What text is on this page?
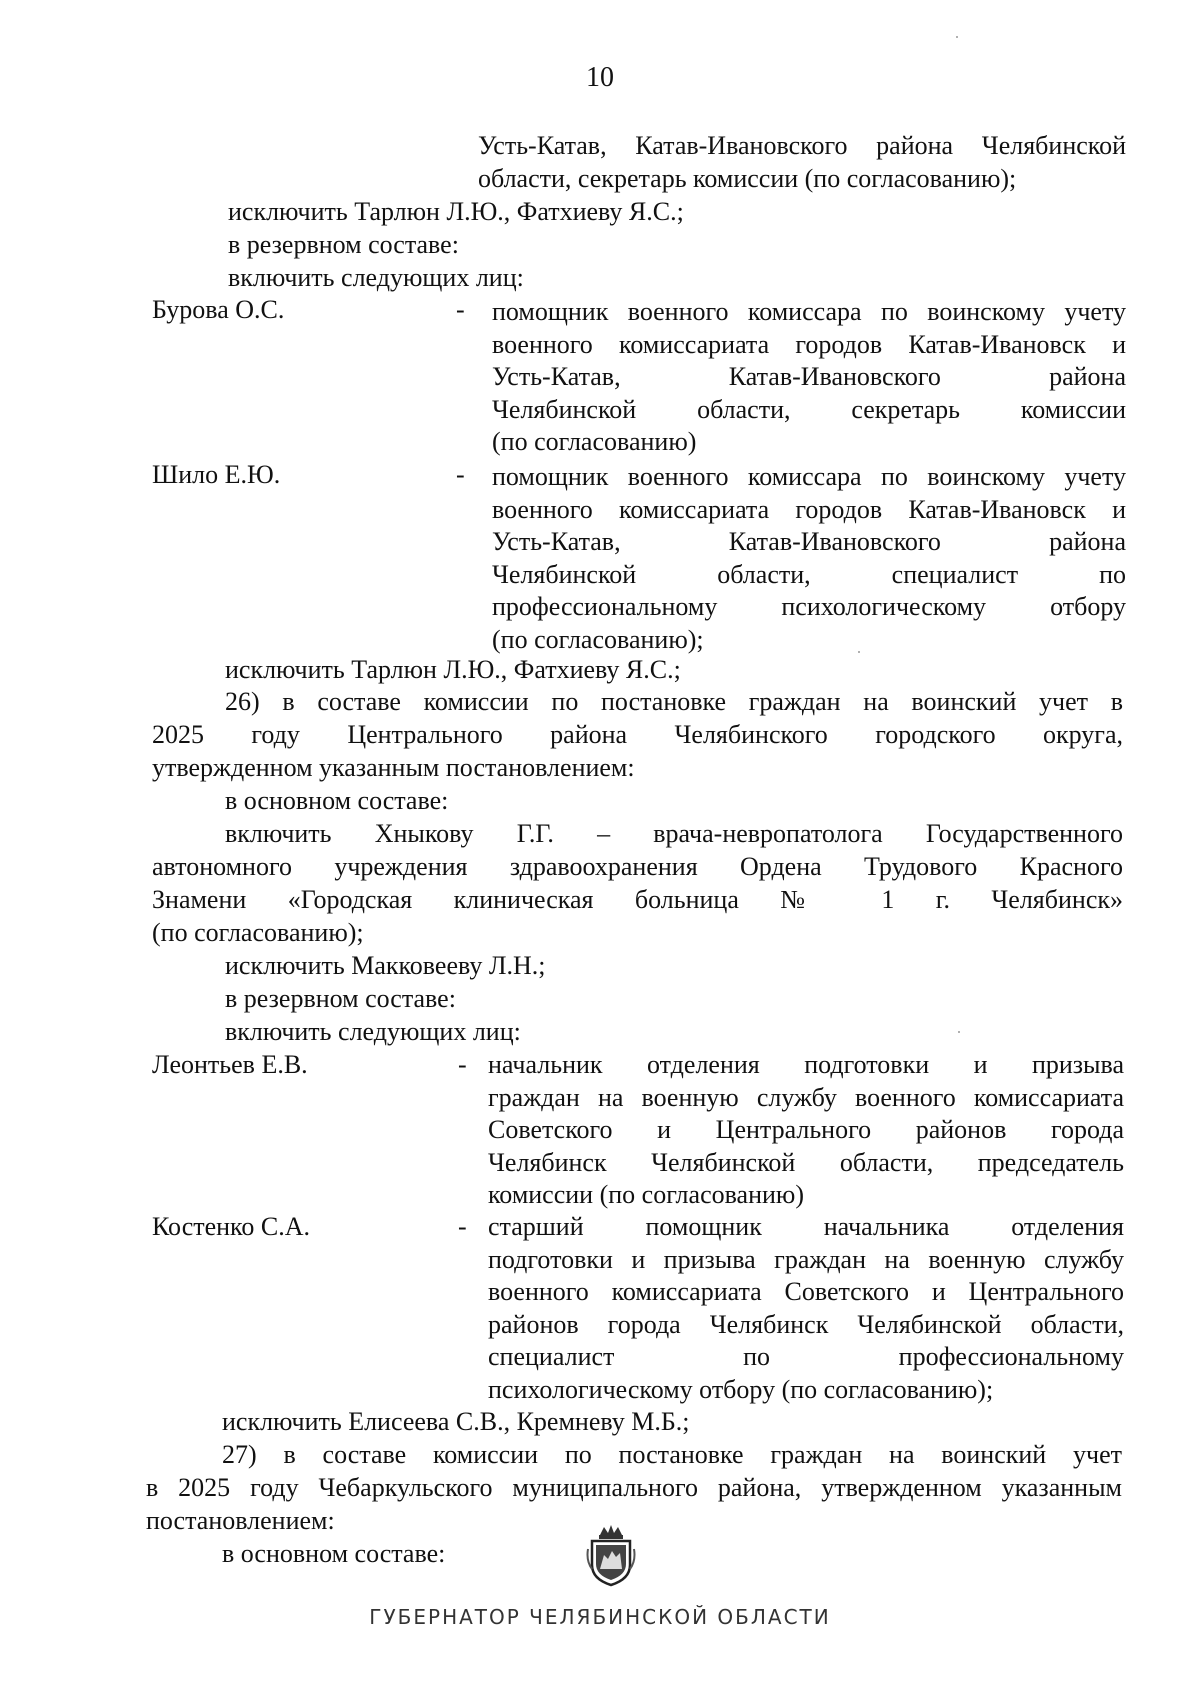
10
Усть-Катав, Катав-Ивановского района Челябинской
области, секретарь комиссии (по согласованию);
исключить Тарлюн Л.Ю., Фатхиеву Я.С.;
в резервном составе:
включить следующих лиц:
Бурова О.С.	- помощник военного комиссара по воинскому учету
военного комиссариата городов Катав-Ивановск и
Усть-Катав, Катав-Ивановского района
Челябинской области, секретарь комиссии
(по согласованию)
Шило Е.Ю.	- помощник военного комиссара по воинскому учету
военного комиссариата городов Катав-Ивановск и
Усть-Катав, Катав-Ивановского района
Челябинской области, специалист по
профессиональному психологическому отбору
(по согласованию);
исключить Тарлюн Л.Ю., Фатхиеву Я.С.;
26) в составе комиссии по постановке граждан на воинский учет в
2025 году Центрального района Челябинского городского округа,
утвержденном указанным постановлением:
в основном составе:
включить Хныкову Г.Г. – врача-невропатолога Государственного
автономного учреждения здравоохранения Ордена Трудового Красного
Знамени «Городская клиническая больница № 1 г. Челябинск»
(по согласованию);
исключить Макковееву Л.Н.;
в резервном составе:
включить следующих лиц:
Леонтьев Е.В.	- начальник отделения подготовки и призыва
граждан на военную службу военного комиссариата
Советского и Центрального районов города
Челябинск Челябинской области, председатель
комиссии (по согласованию)
Костенко С.А.	- старший помощник начальника отделения
подготовки и призыва граждан на военную службу
военного комиссариата Советского и Центрального
районов города Челябинск Челябинской области,
специалист по профессиональному
психологическому отбору (по согласованию);
исключить Елисеева С.В., Кремневу М.Б.;
27) в составе комиссии по постановке граждан на воинский учет
в 2025 году Чебаркульского муниципального района, утвержденном указанным
постановлением:
в основном составе:
ГУБЕРНАТОР ЧЕЛЯБИНСКОЙ ОБЛАСТИ
